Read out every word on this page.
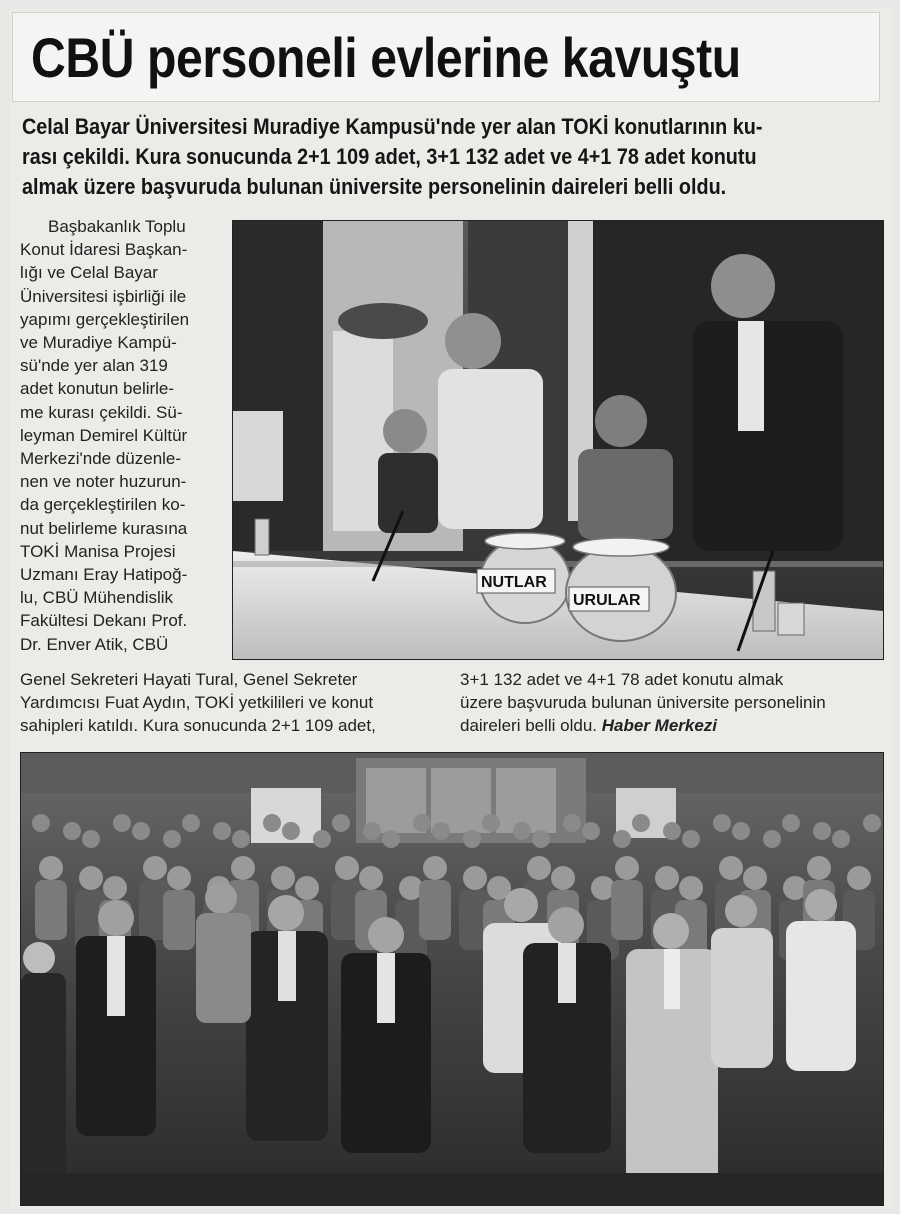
CBÜ personeli evlerine kavuştu

Celal Bayar Üniversitesi Muradiye Kampusü'nde yer alan TOKİ konutlarının ku-
rası çekildi. Kura sonucunda 2+1 109 adet, 3+1 132 adet ve 4+1 78 adet konutu
almak üzere başvuruda bulunan üniversite personelinin daireleri belli oldu.

Başbakanlık Toplu
Konut İdaresi Başkan-
lığı ve Celal Bayar
Üniversitesi işbirliği ile
yapımı gerçekleştirilen
ve Muradiye Kampü-
sü'nde yer alan 319
adet konutun belirle-
me kurası çekildi. Sü-
leyman Demirel Kültür
Merkezi'nde düzenle-
nen ve noter huzurun-
da gerçekleştirilen ko-
nut belirleme kurasına
TOKİ Manisa Projesi
Uzmanı Eray Hatipoğ-
lu, CBÜ Mühendislik
Fakültesi Dekanı Prof.
Dr. Enver Atik, CBÜ
Genel Sekreteri Hayati Tural, Genel Sekreter
Yardımcısı Fuat Aydın, TOKİ yetkilileri ve konut
sahipleri katıldı. Kura sonucunda 2+1 109 adet,
3+1 132 adet ve 4+1 78 adet konutu almak
üzere başvuruda bulunan üniversite personelinin
daireleri belli oldu. Haber Merkezi
NUTLAR
URULAR
